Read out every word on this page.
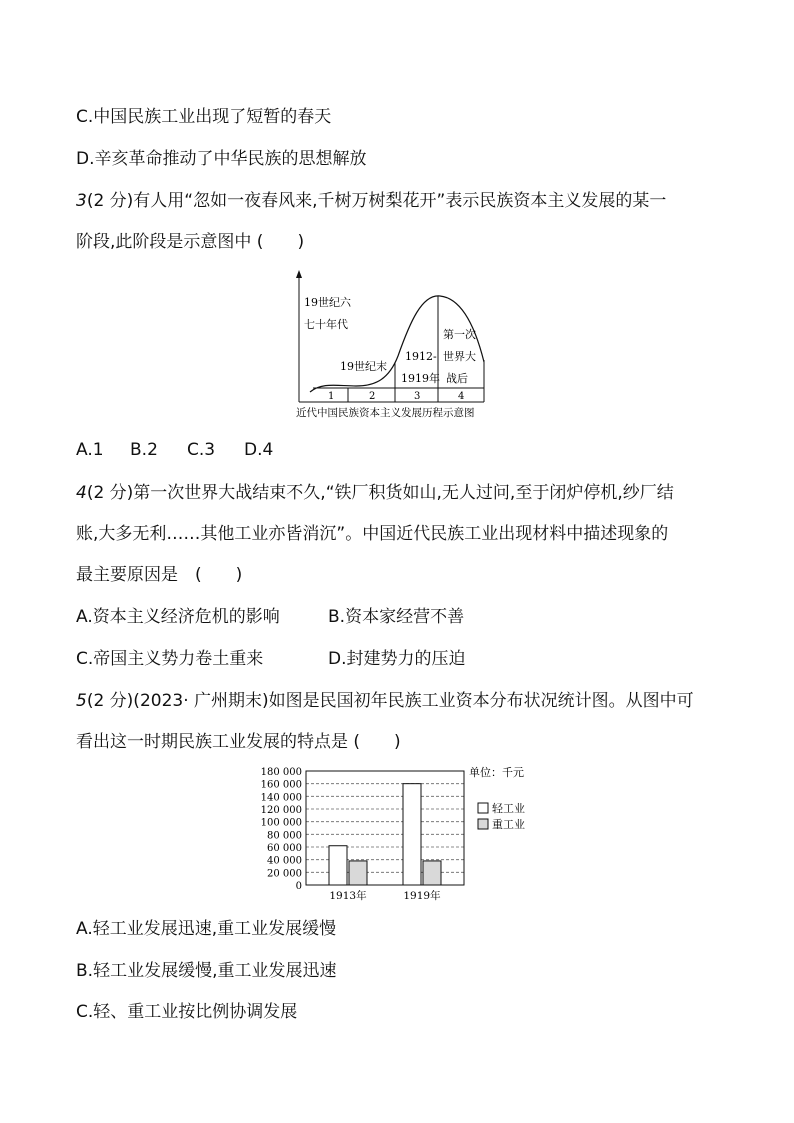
C.中国民族工业出现了短暂的春天
D.辛亥革命推动了中华民族的思想解放
3(2 分)有人用“忽如一夜春风来,千树万树梨花开”表示民族资本主义发展的某一
阶段,此阶段是示意图中 (　　)
19世纪六
七十年代
19世纪末
1912-
1919年
第一次
世界大
战后
1	2	3	4
近代中国民族资本主义发展历程示意图
A.1 B.2 C.3 D.4
4(2 分)第一次世界大战结束不久,“铁厂积货如山,无人过问,至于闭炉停机,纱厂结
账,大多无利……其他工业亦皆消沉”。中国近代民族工业出现材料中描述现象的
最主要原因是　(　　)
A.资本主义经济危机的影响	B.资本家经营不善
C.帝国主义势力卷土重来	D.封建势力的压迫
5(2 分)(2023· 广州期末)如图是民国初年民族工业资本分布状况统计图。从图中可
看出这一时期民族工业发展的特点是 (　　)
0
20 000
40 000
60 000
80 000
100 000
120 000
140 000
160 000
180 000
1913年	1919年
单位：千元
轻工业
重工业
A.轻工业发展迅速,重工业发展缓慢
B.轻工业发展缓慢,重工业发展迅速
C.轻、重工业按比例协调发展
